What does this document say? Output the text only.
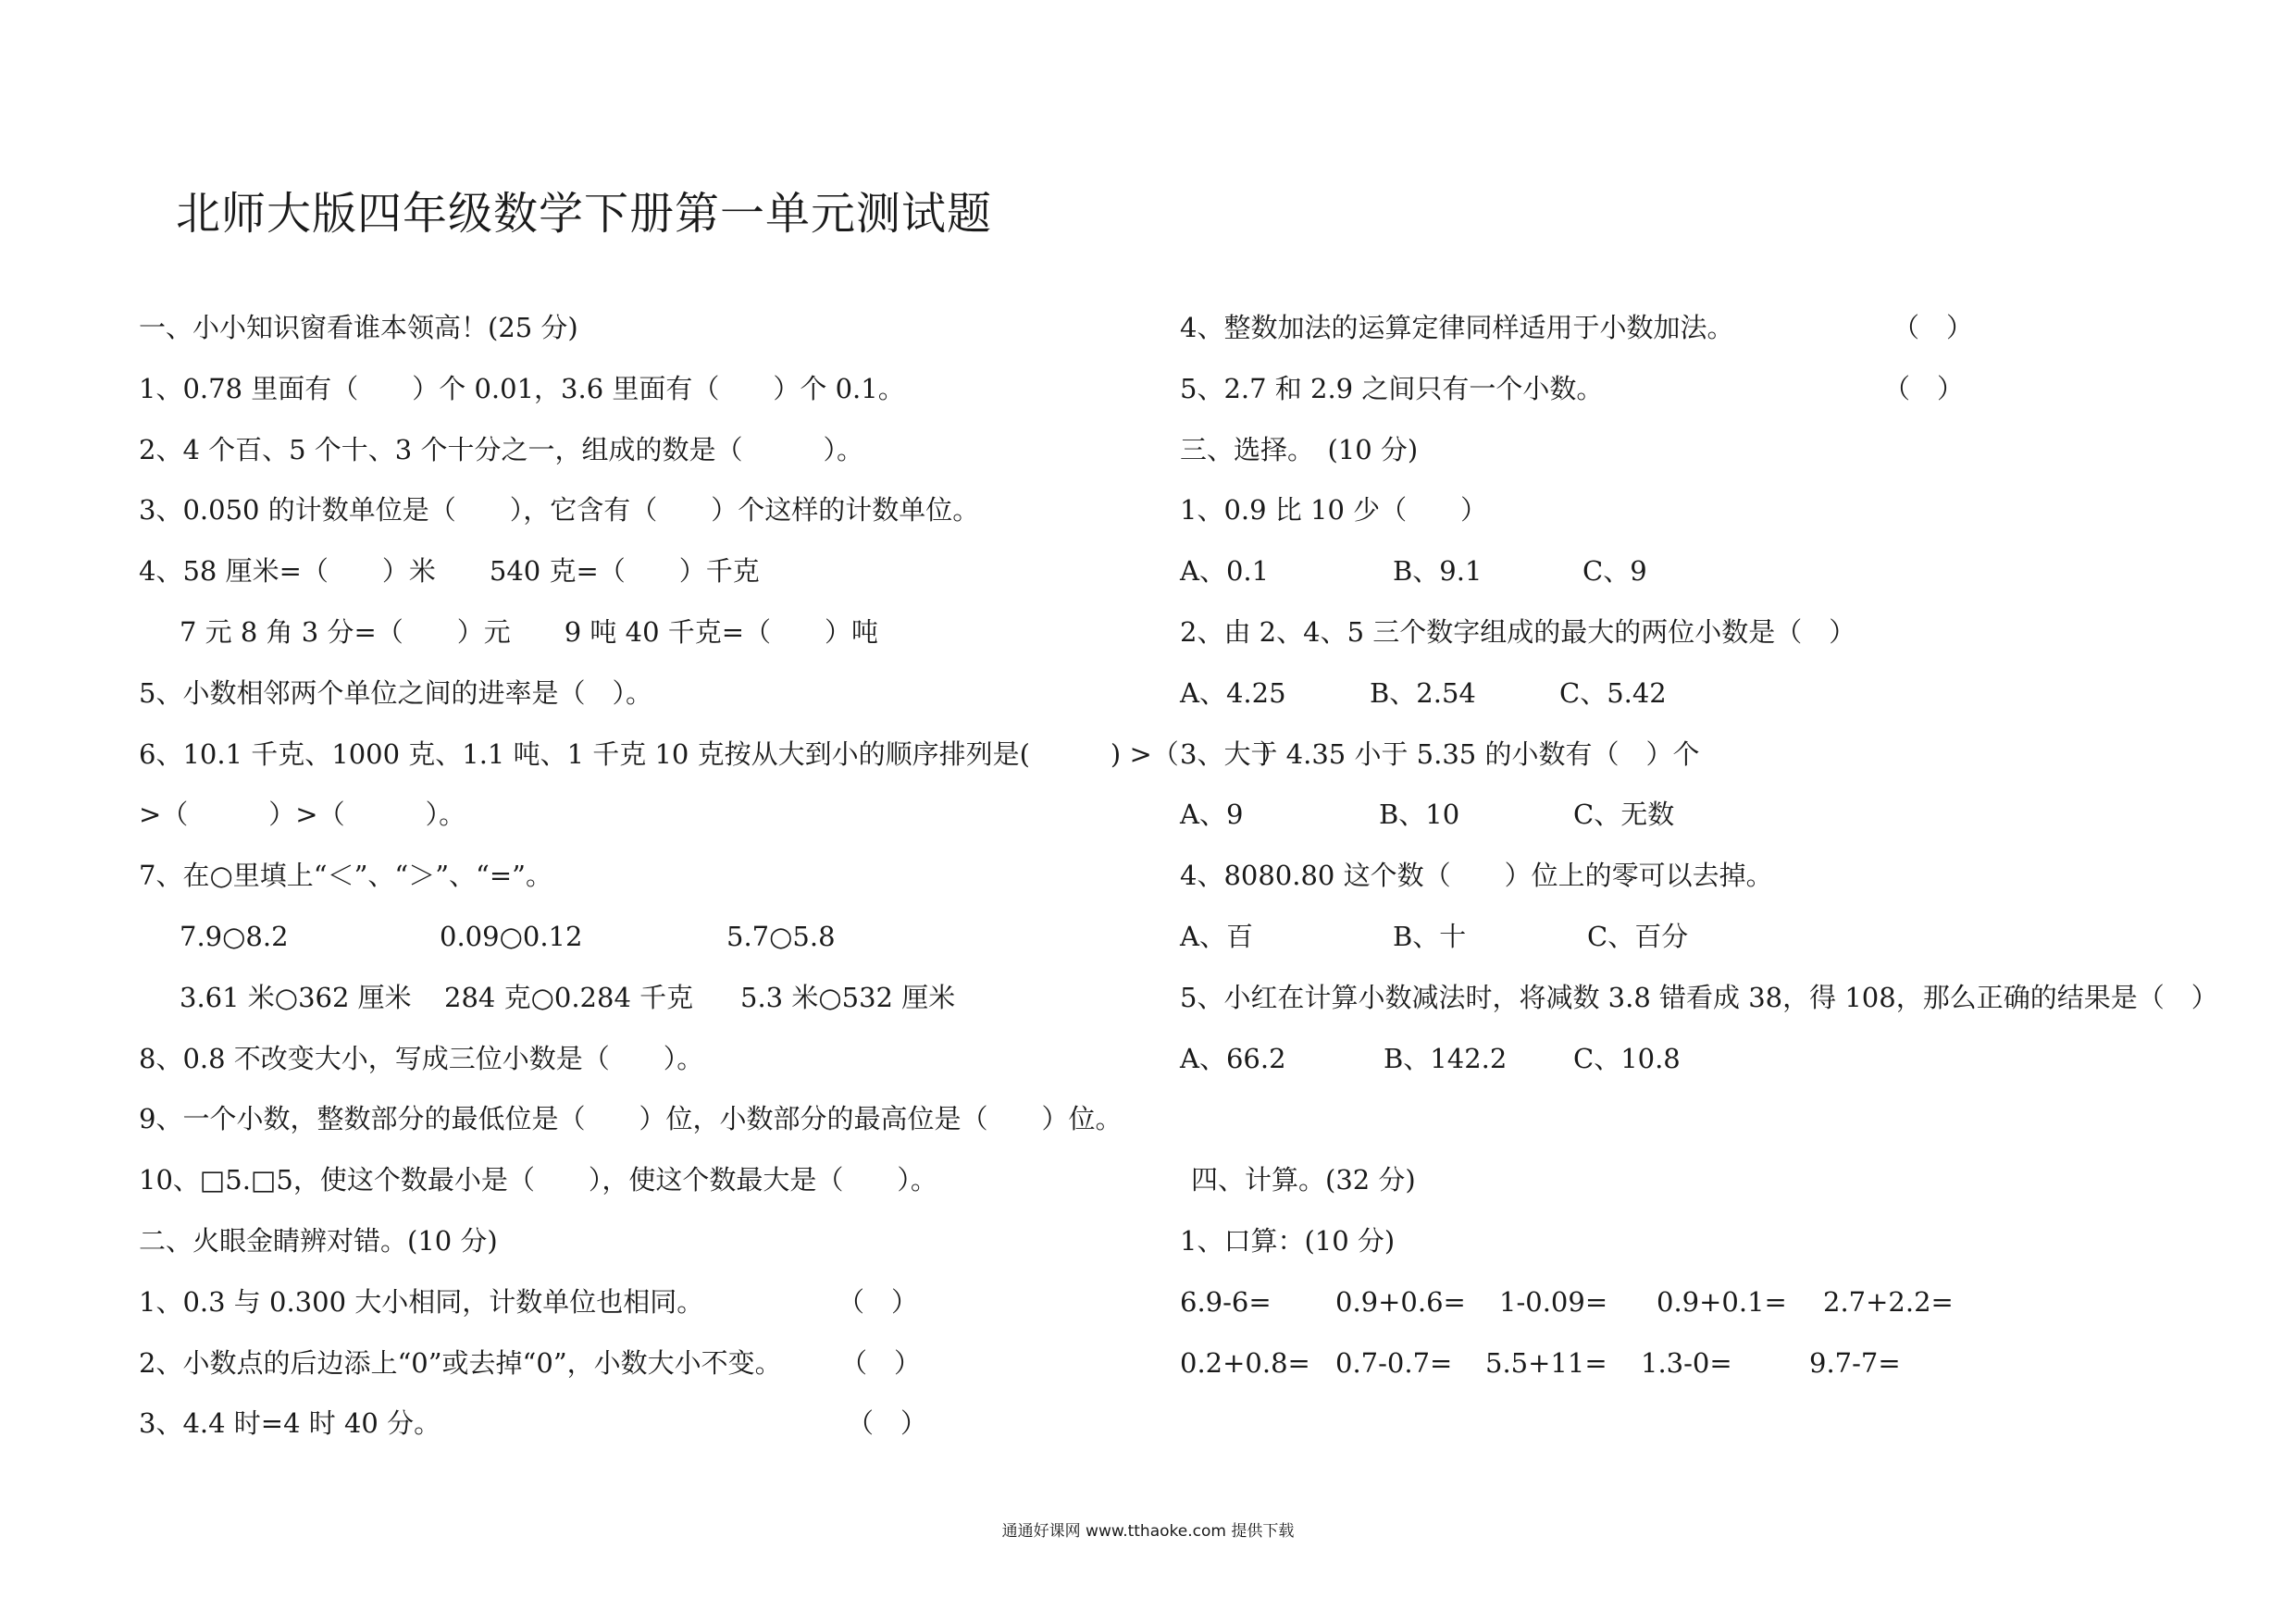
北师大版四年级数学下册第一单元测试题
一、小小知识窗看谁本领高！(25 分)
1、0.78 里面有（　　）个 0.01，3.6 里面有（　　）个 0.1。
2、4 个百、5 个十、3 个十分之一，组成的数是（　　　）。
3、0.050 的计数单位是（　　），它含有（　　）个这样的计数单位。
4、58 厘米=（　　）米　　540 克=（　　）千克
7 元 8 角 3 分=（　　）元　　9 吨 40 千克=（　　）吨
5、小数相邻两个单位之间的进率是（　）。
6、10.1 千克、1000 克、1.1 吨、1 千克 10 克按从大到小的顺序排列是(　　　) >（　　　）
>（　　　）>（　　　）。
7、在○里填上“＜”、“＞”、“=”。
7.9○8.2	0.09○0.12	5.7○5.8
3.61 米○362 厘米 284 克○0.284 千克 5.3 米○532 厘米
8、0.8 不改变大小，写成三位小数是（　　）。
9、一个小数，整数部分的最低位是（　　）位，小数部分的最高位是（　　）位。
10、□5.□5，使这个数最小是（　　），使这个数最大是（　　）。
二、火眼金睛辨对错。(10 分)
1、0.3 与 0.300 大小相同，计数单位也相同。	（　）
2、小数点的后边添上“0”或去掉“0”，小数大小不变。 （　）
3、4.4 时=4 时 40 分。	（　）
4、整数加法的运算定律同样适用于小数加法。	（　）
5、2.7 和 2.9 之间只有一个小数。	（　）
三、选择。　(10 分)
1、0.9 比 10 少（　　）
A、0.1	B、9.1	C、9
2、由 2、4、5 三个数字组成的最大的两位小数是（　）
A、4.25	B、2.54	C、5.42
3、大于 4.35 小于 5.35 的小数有（　）个
A、9	B、10	C、无数
4、8080.80 这个数（　　）位上的零可以去掉。
A、百	B、十	C、百分
5、小红在计算小数减法时，将减数 3.8 错看成 38，得 108，那么正确的结果是（　）
A、66.2	B、142.2 C、10.8
四、计算。(32 分)
1、口算：(10 分)
6.9-6= 0.9+0.6= 1-0.09= 0.9+0.1= 2.7+2.2=
0.2+0.8= 0.7-0.7= 5.5+11= 1.3-0=	9.7-7=
通通好课网 www.tthaoke.com 提供下载
